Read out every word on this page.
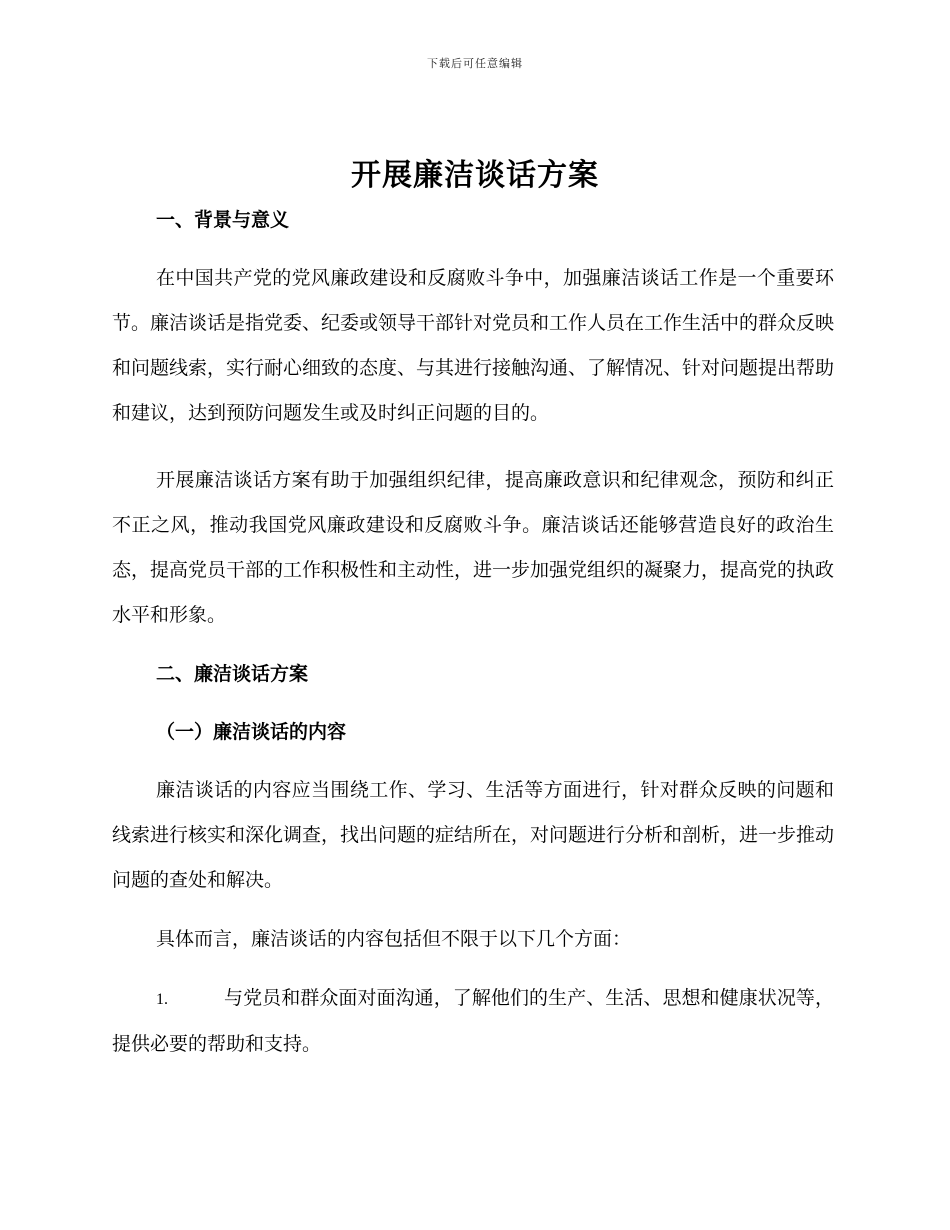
下载后可任意编辑
开展廉洁谈话方案
一、背景与意义

在中国共产党的党风廉政建设和反腐败斗争中，加强廉洁谈话工作是一个重要环节。廉洁谈话是指党委、纪委或领导干部针对党员和工作人员在工作生活中的群众反映和问题线索，实行耐心细致的态度、与其进行接触沟通、了解情况、针对问题提出帮助和建议，达到预防问题发生或及时纠正问题的目的。

开展廉洁谈话方案有助于加强组织纪律，提高廉政意识和纪律观念，预防和纠正不正之风，推动我国党风廉政建设和反腐败斗争。廉洁谈话还能够营造良好的政治生态，提高党员干部的工作积极性和主动性，进一步加强党组织的凝聚力，提高党的执政水平和形象。

二、廉洁谈话方案
（一）廉洁谈话的内容

廉洁谈话的内容应当围绕工作、学习、生活等方面进行，针对群众反映的问题和线索进行核实和深化调查，找出问题的症结所在，对问题进行分析和剖析，进一步推动问题的查处和解决。

具体而言，廉洁谈话的内容包括但不限于以下几个方面：

1.	与党员和群众面对面沟通，了解他们的生产、生活、思想和健康状况等，提供必要的帮助和支持。
